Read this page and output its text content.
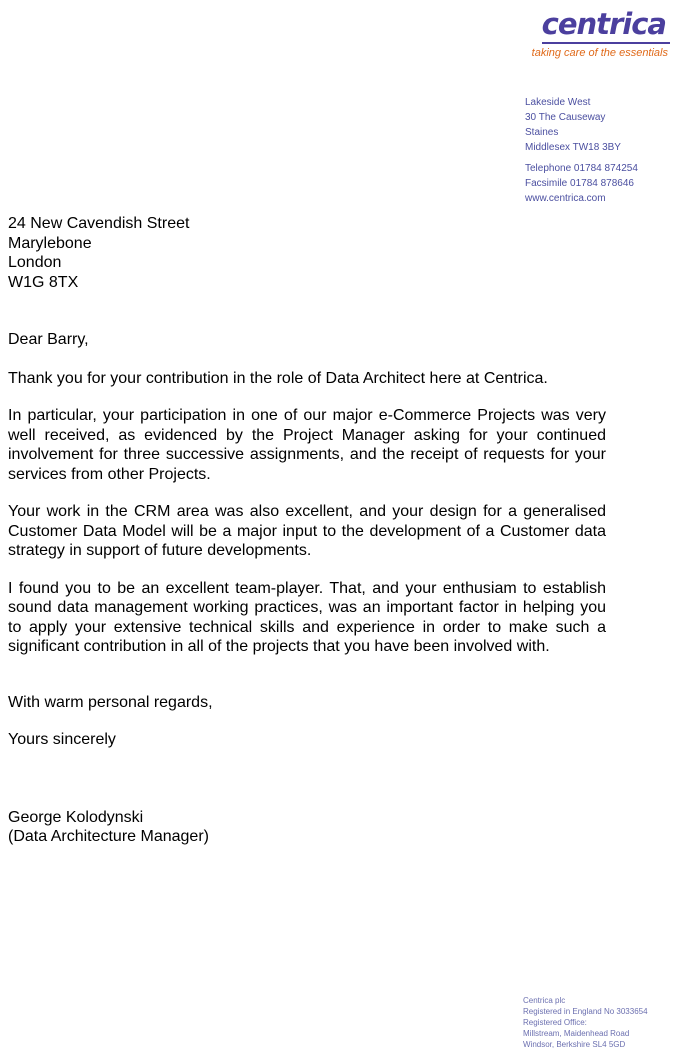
centrica
taking care of the essentials
Lakeside West
30 The Causeway
Staines
Middlesex TW18 3BY
Telephone 01784 874254
Facsimile 01784 878646
www.centrica.com
24 New Cavendish Street
Marylebone
London
W1G 8TX

Dear Barry,

Thank you for your contribution in the role of Data Architect here at Centrica.

In particular, your participation in one of our major e-Commerce Projects was very well received, as evidenced by the Project Manager asking for your continued involvement for three successive assignments, and the receipt of requests for your services from other Projects.

Your work in the CRM area was also excellent, and your design for a generalised Customer Data Model will be a major input to the development of a Customer data strategy in support of future developments.

I found you to be an excellent team-player. That, and your enthusiam to establish sound data management working practices, was an important factor in helping you to apply your extensive technical skills and experience in order to make such a significant contribution in all of the projects that you have been involved with.

With warm personal regards,

Yours sincerely

George Kolodynski

(Data Architecture Manager)

Centrica plc
Registered in England No 3033654
Registered Office:
Millstream, Maidenhead Road
Windsor, Berkshire SL4 5GD
